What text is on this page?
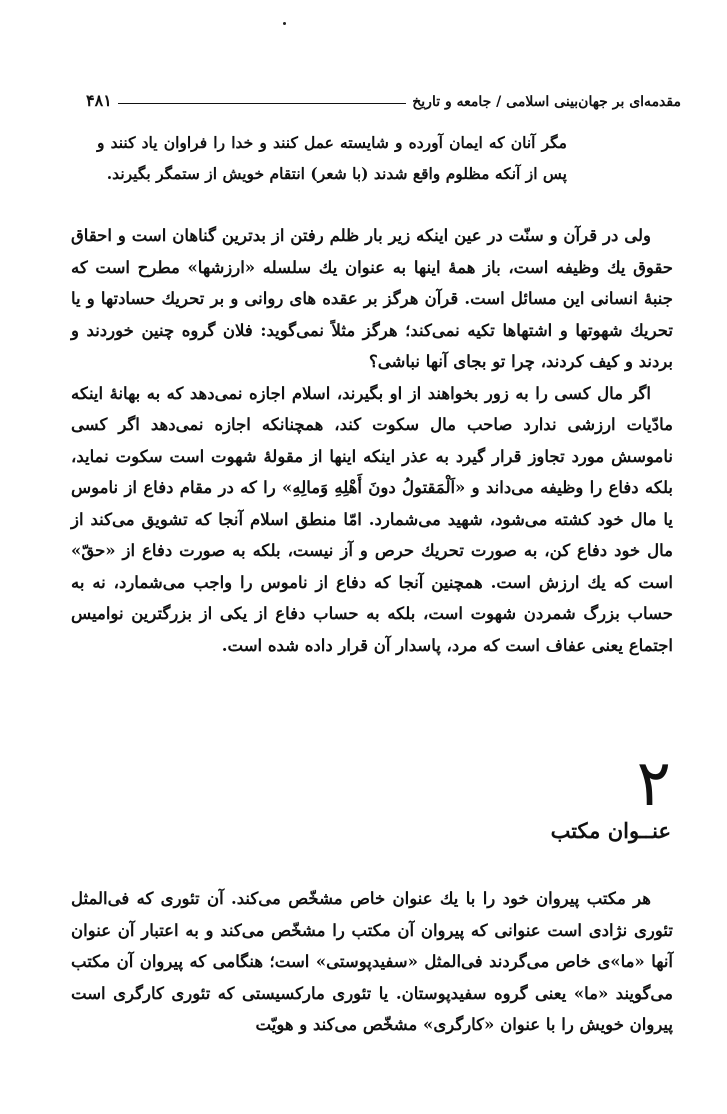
مقدمه‌ای بر جهان‌بینی اسلامی / جامعه و تاریخ
۴۸۱
مگر آنان که ایمان آورده و شایسته عمل کنند و خدا را فراوان یاد کنند و پس از آنکه مظلوم واقع شدند (با شعر) انتقام خویش از ستمگر بگیرند.

ولی در قرآن و سنّت در عین اینکه زیر بار ظلم رفتن از بدترین گناهان است و احقاق حقوق یك وظیفه است، باز همهٔ اینها به عنوان یك سلسله «ارزشها» مطرح است که جنبهٔ انسانی این مسائل است. قرآن هرگز بر عقده های روانی و بر تحریك حسادتها و یا تحریك شهوتها و اشتهاها تکیه نمی‌کند؛ هرگز مثلاً نمی‌گوید: فلان گروه چنین خوردند و بردند و کیف کردند، چرا تو بجای آنها نباشی؟

اگر مال کسی را به زور بخواهند از او بگیرند، اسلام اجازه نمی‌دهد که به بهانهٔ اینکه مادّیات ارزشی ندارد صاحب مال سکوت کند، همچنانکه اجازه نمی‌دهد اگر کسی ناموسش مورد تجاوز قرار گیرد به عذر اینکه اینها از مقولهٔ شهوت است سکوت نماید، بلکه دفاع را وظیفه می‌داند و «اَلْمَقتولُ دونَ أَهْلِهِ وَمالِهِ» را که در مقام دفاع از ناموس یا مال خود کشته می‌شود، شهید می‌شمارد. امّا منطق اسلام آنجا که تشویق می‌کند از مال خود دفاع کن، به صورت تحریك حرص و آز نیست، بلکه به صورت دفاع از «حقّ» است که یك ارزش است. همچنین آنجا که دفاع از ناموس را واجب می‌شمارد، نه به حساب بزرگ شمردن شهوت است، بلکه به حساب دفاع از یکی از بزرگترین نوامیس اجتماع یعنی عفاف است که مرد، پاسدار آن قرار داده شده است.

۲
عنــوان مکتب

هر مکتب پیروان خود را با یك عنوان خاص مشخّص می‌کند. آن تئوری که فی‌المثل تئوری نژادی است عنوانی که پیروان آن مکتب را مشخّص می‌کند و به اعتبار آن عنوان آنها «ما»ی خاص می‌گردند فی‌المثل «سفیدپوستی» است؛ هنگامی که پیروان آن مکتب می‌گویند «ما» یعنی گروه سفیدپوستان. یا تئوری مارکسیستی که تئوری کارگری است پیروان خویش را با عنوان «کارگری» مشخّص می‌کند و هویّت
